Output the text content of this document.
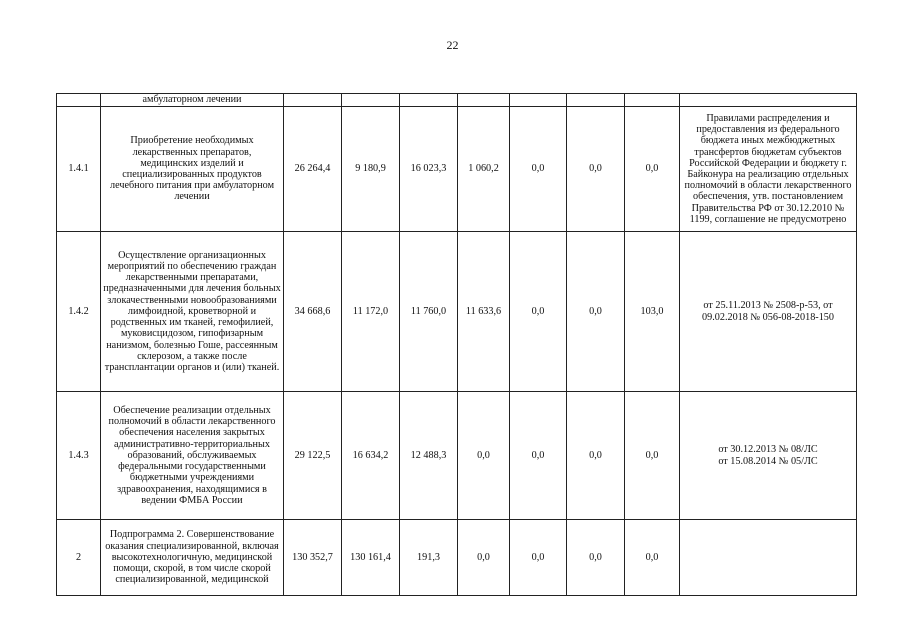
22
	амбулаторном лечении								
1.4.1	Приобретение необходимых лекарственных препаратов, медицинских изделий и специализированных продуктов лечебного питания при амбулаторном лечении	26 264,4	9 180,9	16 023,3	1 060,2	0,0	0,0	0,0	Правилами распределения и предоставления из федерального бюджета иных межбюджетных трансфертов бюджетам субъектов Российской Федерации и бюджету г. Байконура на реализацию отдельных полномочий в области лекарственного обеспечения, утв. постановлением Правительства РФ от 30.12.2010 № 1199, соглашение не предусмотрено
1.4.2	Осуществление организационных мероприятий по обеспечению граждан лекарственными препаратами, предназначенными для лечения больных злокачественными новообразованиями лимфоидной, кроветворной и родственных им тканей, гемофилией, муковисцидозом, гипофизарным нанизмом, болезнью Гоше, рассеянным склерозом, а также после трансплантации органов и (или) тканей.	34 668,6	11 172,0	11 760,0	11 633,6	0,0	0,0	103,0	от 25.11.2013 № 2508-р-53, от 09.02.2018 № 056-08-2018-150
1.4.3	Обеспечение реализации отдельных полномочий в области лекарственного обеспечения населения закрытых административно-территориальных образований, обслуживаемых федеральными государственными бюджетными учреждениями здравоохранения, находящимися в ведении ФМБА России	29 122,5	16 634,2	12 488,3	0,0	0,0	0,0	0,0	от 30.12.2013 № 08/ЛС
от 15.08.2014 № 05/ЛС
2	Подпрограмма 2. Совершенствование оказания специализированной, включая высокотехнологичную, медицинской помощи, скорой, в том числе скорой специализированной, медицинской	130 352,7	130 161,4	191,3	0,0	0,0	0,0	0,0	
